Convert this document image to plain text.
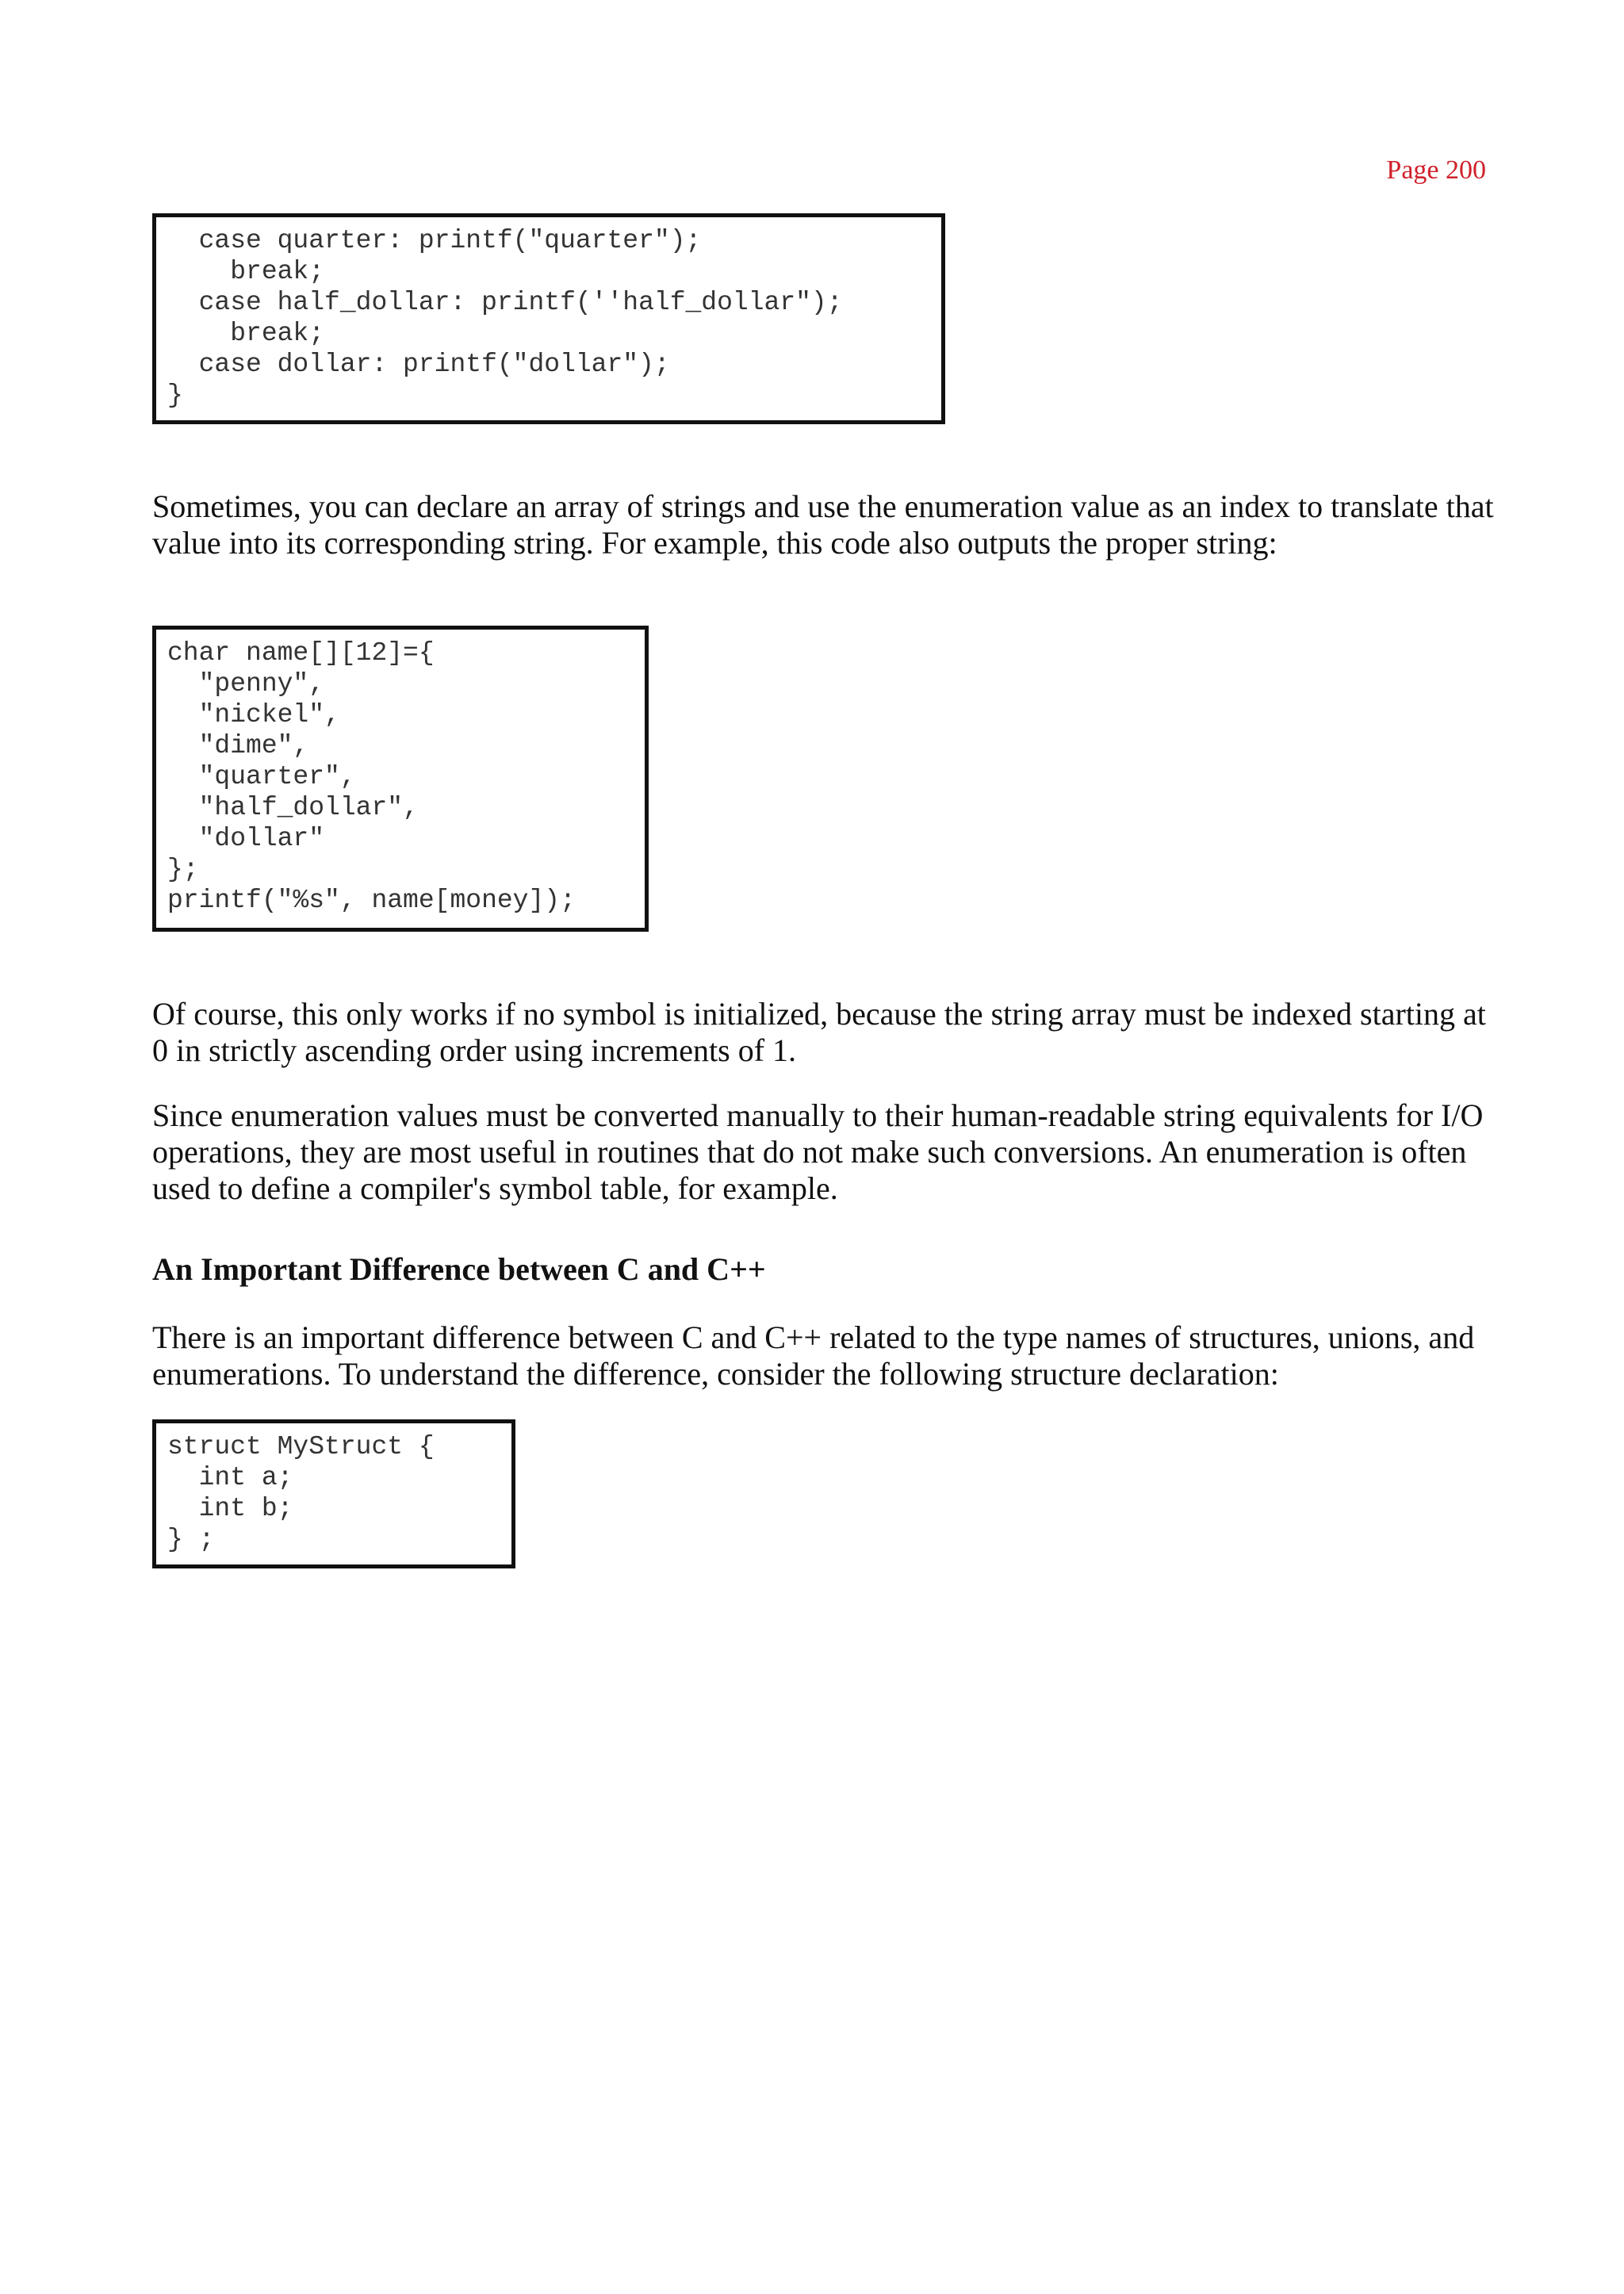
Page 200
case quarter: printf("quarter");
break;
case half_dollar: printf(''half_dollar");
break;
case dollar: printf("dollar");
}

Sometimes, you can declare an array of strings and use the enumeration value as an index to translate that value into its corresponding string. For example, this code also outputs the proper string:

char name[][12]={
"penny",
"nickel",
"dime",
"quarter",
"half_dollar",
"dollar"
};
printf("%s", name[money]);

Of course, this only works if no symbol is initialized, because the string array must be indexed starting at 0 in strictly ascending order using increments of 1.

Since enumeration values must be converted manually to their human-readable string equivalents for I/O operations, they are most useful in routines that do not make such conversions. An enumeration is often used to define a compiler's symbol table, for example.

An Important Difference between C and C++

There is an important difference between C and C++ related to the type names of structures, unions, and enumerations. To understand the difference, consider the following structure declaration:

struct MyStruct {
int a;
int b;
} ;
